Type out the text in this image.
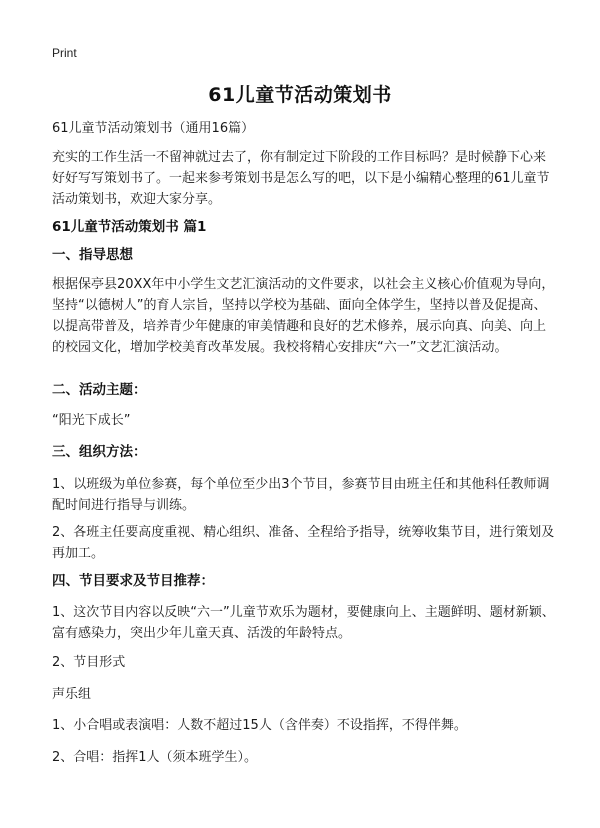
Print
61儿童节活动策划书

61儿童节活动策划书（通用16篇）

充实的工作生活一不留神就过去了，你有制定过下阶段的工作目标吗？是时候静下心来好好写写策划书了。一起来参考策划书是怎么写的吧，以下是小编精心整理的61儿童节活动策划书，欢迎大家分享。

61儿童节活动策划书 篇1

一、指导思想

根据保亭县20XX年中小学生文艺汇演活动的文件要求，以社会主义核心价值观为导向，坚持“以德树人”的育人宗旨，坚持以学校为基础、面向全体学生，坚持以普及促提高、以提高带普及，培养青少年健康的审美情趣和良好的艺术修养，展示向真、向美、向上的校园文化，增加学校美育改革发展。我校将精心安排庆“六一”文艺汇演活动。

二、活动主题：

“阳光下成长”

三、组织方法：

1、以班级为单位参赛，每个单位至少出3个节目，参赛节目由班主任和其他科任教师调配时间进行指导与训练。

2、各班主任要高度重视、精心组织、准备、全程给予指导，统筹收集节目，进行策划及再加工。

四、节目要求及节目推荐：

1、这次节目内容以反映“六一”儿童节欢乐为题材，要健康向上、主题鲜明、题材新颖、富有感染力，突出少年儿童天真、活泼的年龄特点。

2、节目形式

声乐组

1、小合唱或表演唱：人数不超过15人（含伴奏）不设指挥，不得伴舞。

2、合唱：指挥1人（须本班学生）。
